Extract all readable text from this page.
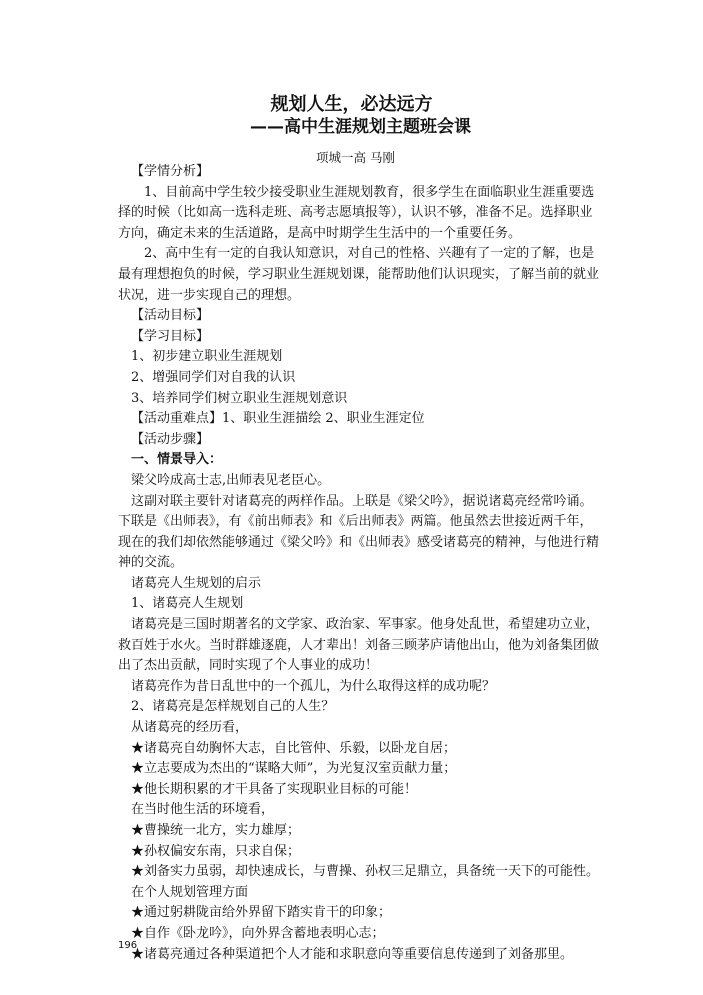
规划人生，必达远方
——高中生涯规划主题班会课
项城一高 马刚

【学情分析】

1、目前高中学生较少接受职业生涯规划教育，很多学生在面临职业生涯重要选

择的时候（比如高一选科走班、高考志愿填报等），认识不够，准备不足。选择职业

方向，确定未来的生活道路，是高中时期学生生活中的一个重要任务。

2、高中生有一定的自我认知意识，对自己的性格、兴趣有了一定的了解，也是

最有理想抱负的时候，学习职业生涯规划课，能帮助他们认识现实，了解当前的就业

状况，进一步实现自己的理想。

【活动目标】

【学习目标】

1、初步建立职业生涯规划

2、增强同学们对自我的认识

3、培养同学们树立职业生涯规划意识

【活动重难点】1、职业生涯描绘 2、职业生涯定位

【活动步骤】

一、情景导入：

梁父吟成高士志,出师表见老臣心。

这副对联主要针对诸葛亮的两样作品。上联是《梁父吟》，据说诸葛亮经常吟诵。

下联是《出师表》，有《前出师表》和《后出师表》两篇。他虽然去世接近两千年，

现在的我们却依然能够通过《梁父吟》和《出师表》感受诸葛亮的精神，与他进行精

神的交流。

诸葛亮人生规划的启示

1、诸葛亮人生规划

诸葛亮是三国时期著名的文学家、政治家、军事家。他身处乱世，希望建功立业，

救百姓于水火。当时群雄逐鹿，人才辈出！刘备三顾茅庐请他出山，他为刘备集团做

出了杰出贡献，同时实现了个人事业的成功！

诸葛亮作为昔日乱世中的一个孤儿，为什么取得这样的成功呢？

2、诸葛亮是怎样规划自己的人生？

从诸葛亮的经历看，

★诸葛亮自幼胸怀大志，自比管仲、乐毅，以卧龙自居；

★立志要成为杰出的“谋略大师”，为光复汉室贡献力量；

★他长期积累的才干具备了实现职业目标的可能！

在当时他生活的环境看，

★曹操统一北方，实力雄厚；

★孙权偏安东南，只求自保；

★刘备实力虽弱，却快速成长，与曹操、孙权三足鼎立，具备统一天下的可能性。

在个人规划管理方面

★通过躬耕陇亩给外界留下踏实肯干的印象；

★自作《卧龙吟》，向外界含蓄地表明心志；

★诸葛亮通过各种渠道把个人才能和求职意向等重要信息传递到了刘备那里。

196
